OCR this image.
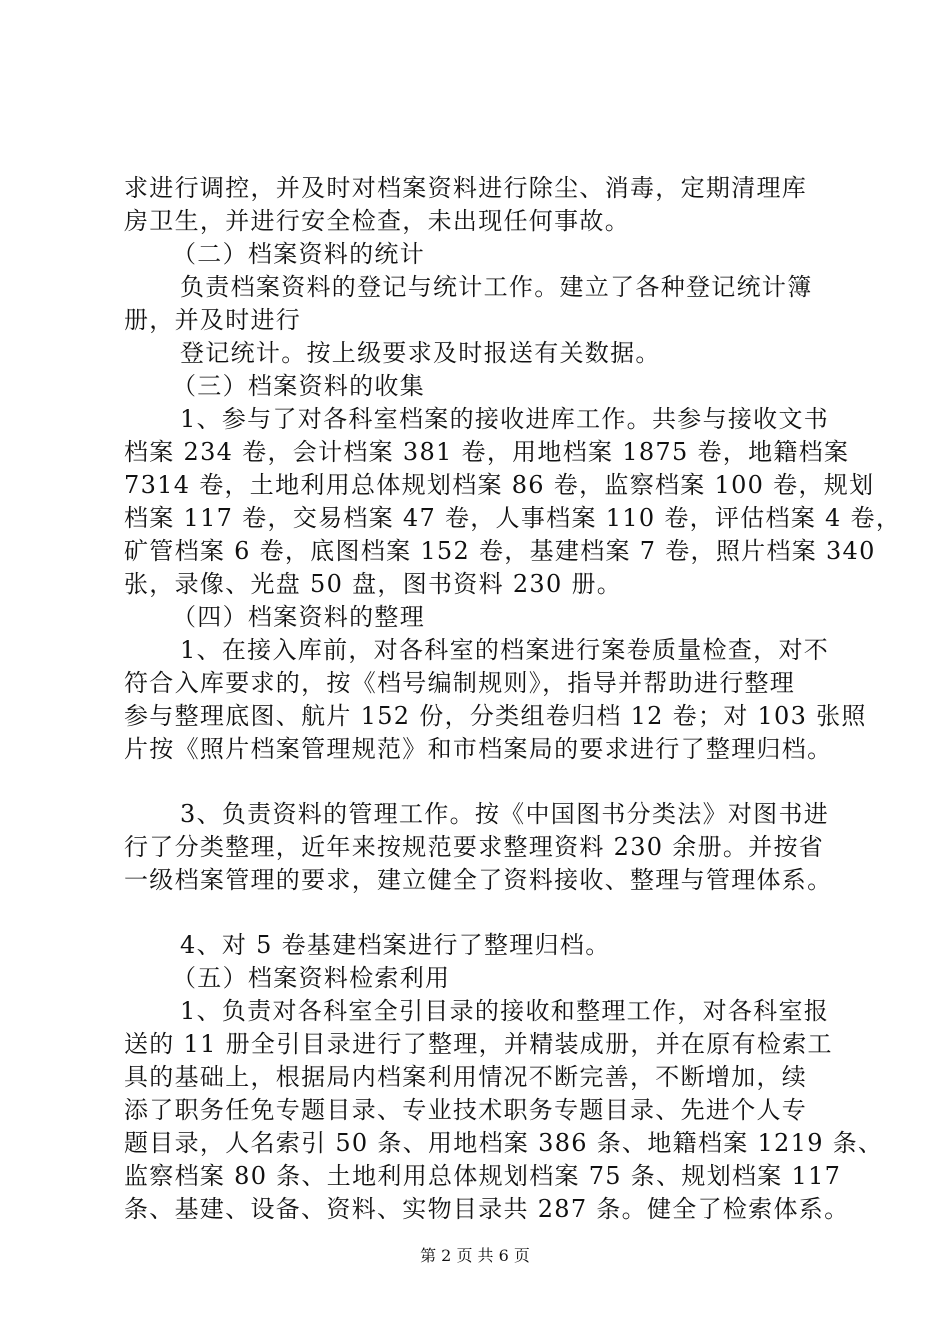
求进行调控，并及时对档案资料进行除尘、消毒，定期清理库
房卫生，并进行安全检查，未出现任何事故。
（二）档案资料的统计
负责档案资料的登记与统计工作。建立了各种登记统计簿
册，并及时进行
登记统计。按上级要求及时报送有关数据。
（三）档案资料的收集
1、参与了对各科室档案的接收进库工作。共参与接收文书
档案 234 卷，会计档案 381 卷，用地档案 1875 卷，地籍档案
7314 卷，土地利用总体规划档案 86 卷，监察档案 100 卷，规划
档案 117 卷，交易档案 47 卷，人事档案 110 卷，评估档案 4 卷，
矿管档案 6 卷，底图档案 152 卷，基建档案 7 卷，照片档案 340
张，录像、光盘 50 盘，图书资料 230 册。
（四）档案资料的整理
1、在接入库前，对各科室的档案进行案卷质量检查，对不
符合入库要求的，按《档号编制规则》，指导并帮助进行整理
参与整理底图、航片 152 份，分类组卷归档 12 卷；对 103 张照
片按《照片档案管理规范》和市档案局的要求进行了整理归档。
3、负责资料的管理工作。按《中国图书分类法》对图书进
行了分类整理，近年来按规范要求整理资料 230 余册。并按省
一级档案管理的要求，建立健全了资料接收、整理与管理体系。
4、对 5 卷基建档案进行了整理归档。
（五）档案资料检索利用
1、负责对各科室全引目录的接收和整理工作，对各科室报
送的 11 册全引目录进行了整理，并精装成册，并在原有检索工
具的基础上，根据局内档案利用情况不断完善，不断增加，续
添了职务任免专题目录、专业技术职务专题目录、先进个人专
题目录，人名索引 50 条、用地档案 386 条、地籍档案 1219 条、
监察档案 80 条、土地利用总体规划档案 75 条、规划档案 117
条、基建、设备、资料、实物目录共 287 条。健全了检索体系。
第 2 页 共 6 页
